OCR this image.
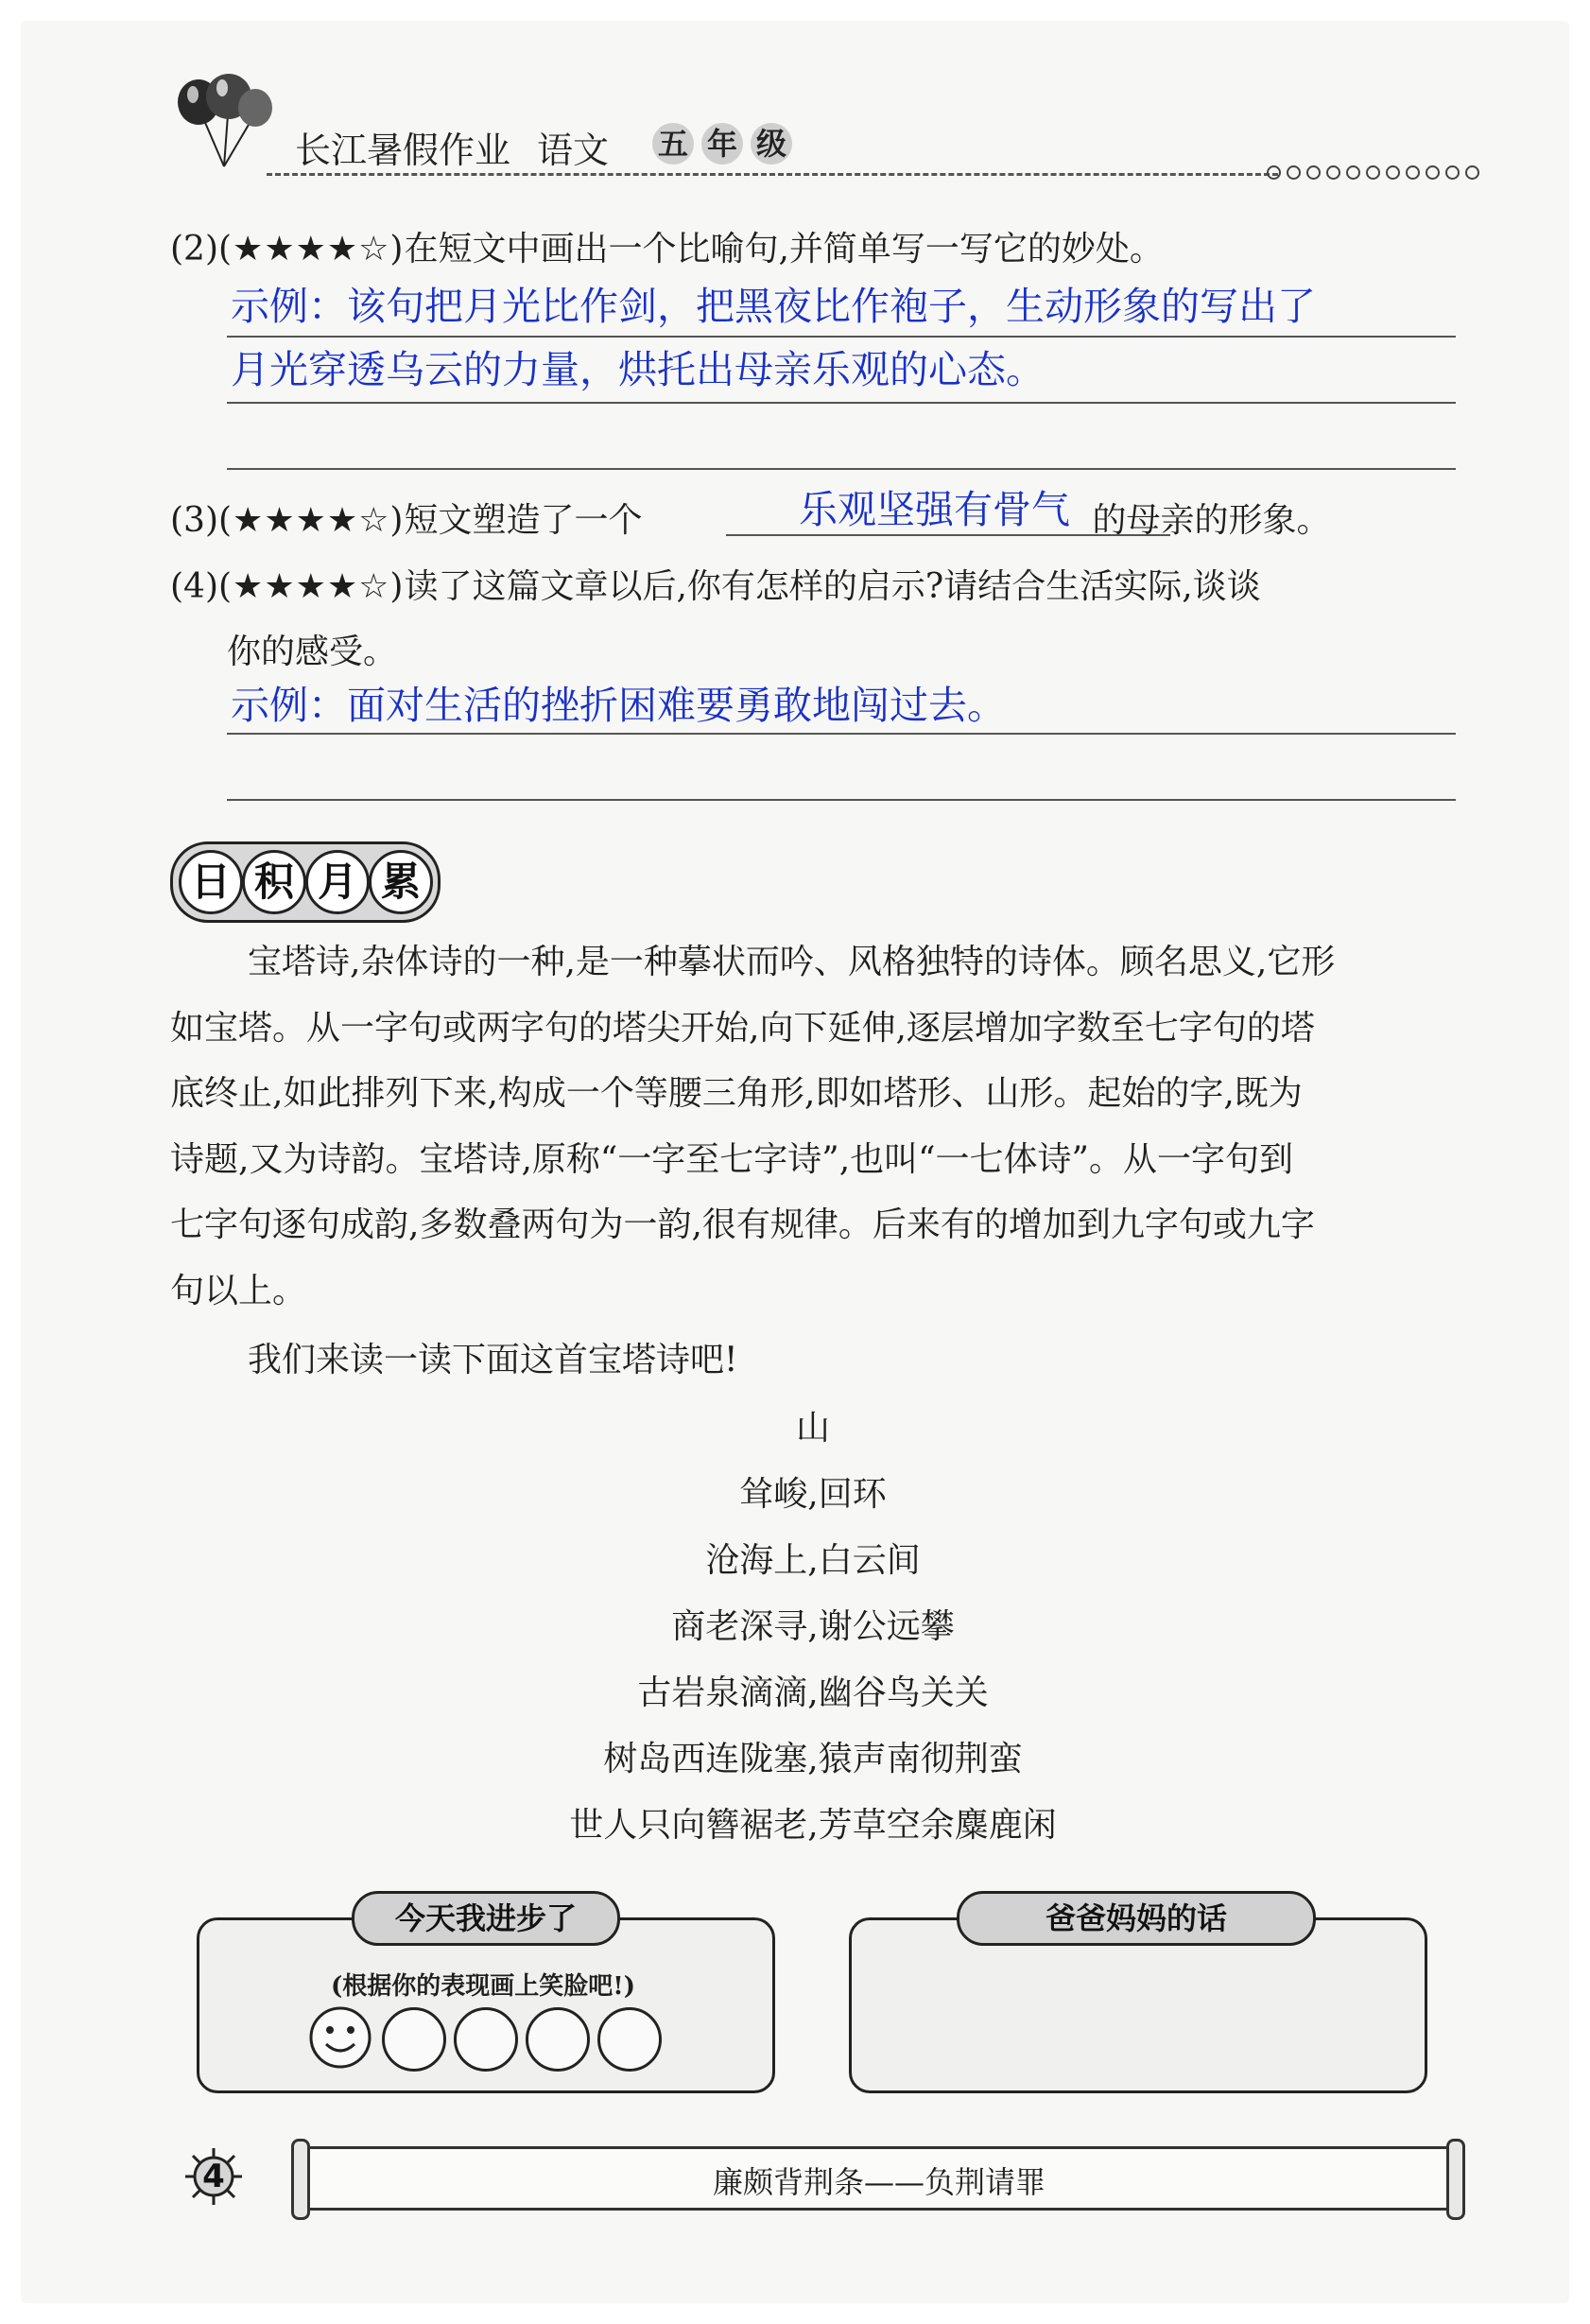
长江暑假作业 语文 五 年 级
(2)(★★★★☆)在短文中画出一个比喻句,并简单写一写它的妙处。
示例：该句把月光比作剑，把黑夜比作袍子，生动形象的写出了
月光穿透乌云的力量，烘托出母亲乐观的心态。
(3)(★★★★☆)短文塑造了一个	的母亲的形象。
乐观坚强有骨气
(4)(★★★★☆)读了这篇文章以后,你有怎样的启示?请结合生活实际,谈谈
你的感受。
示例：面对生活的挫折困难要勇敢地闯过去。
日 积 月 累
宝塔诗,杂体诗的一种,是一种摹状而吟、风格独特的诗体。顾名思义,它形
如宝塔。从一字句或两字句的塔尖开始,向下延伸,逐层增加字数至七字句的塔
底终止,如此排列下来,构成一个等腰三角形,即如塔形、山形。起始的字,既为
诗题,又为诗韵。宝塔诗,原称“一字至七字诗”,也叫“一七体诗”。从一字句到
七字句逐句成韵,多数叠两句为一韵,很有规律。后来有的增加到九字句或九字
句以上。
我们来读一读下面这首宝塔诗吧!
山
耸峻,回环
沧海上,白云间
商老深寻,谢公远攀
古岩泉滴滴,幽谷鸟关关
树岛西连陇塞,猿声南彻荆蛮
世人只向簪裾老,芳草空余麋鹿闲
今天我进步了
(根据你的表现画上笑脸吧!)
爸爸妈妈的话
4	廉颇背荆条——负荆请罪
